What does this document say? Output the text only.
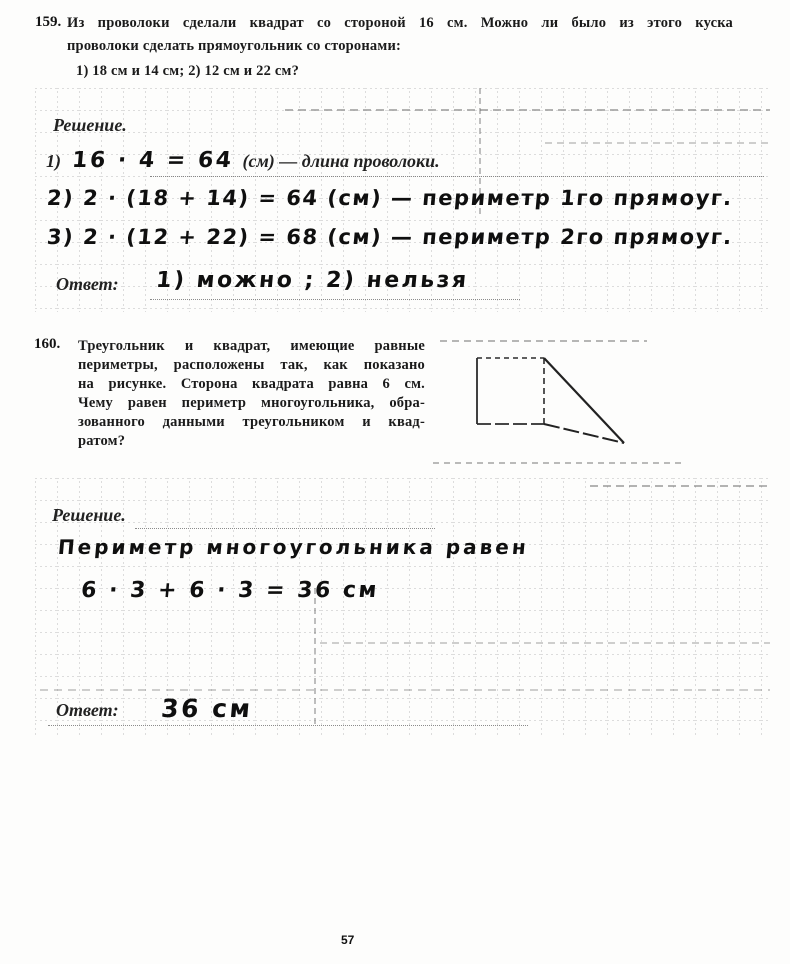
159. Из проволоки сделали квадрат со стороной 16 см. Можно ли было из этого куска
проволоки сделать прямоугольник со сторонами:
1) 18 см и 14 см; 2) 12 см и 22 см?
Решение.
1) 16 · 4 = 64 (см) — длина проволоки.
2) 2 · (18 + 14) = 64 (см) — периметр 1го прямоуг.
3) 2 · (12 + 22) = 68 (см) — периметр 2го прямоуг.
Ответ: 1) можно ; 2) нельзя
160. Треугольник и квадрат, имеющие равные
периметры, расположены так, как показано
на рисунке. Сторона квадрата равна 6 см.
Чему равен периметр многоугольника, обра-
зованного данными треугольником и квад-
ратом?
Решение.
Периметр многоугольника равен
6 · 3 + 6 · 3 = 36 см
Ответ: 36 см
57
